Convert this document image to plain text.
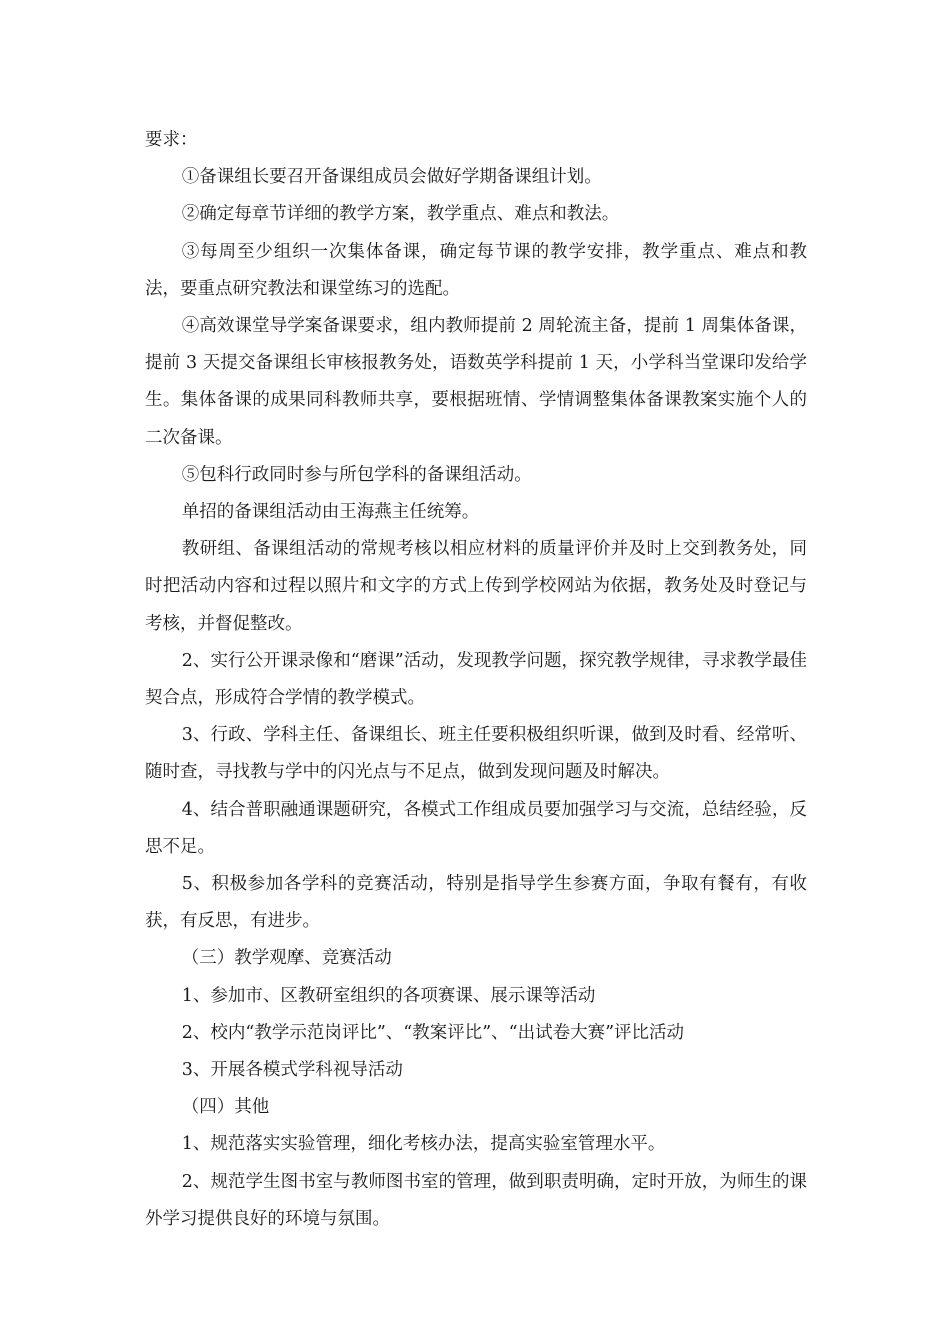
要求：

①备课组长要召开备课组成员会做好学期备课组计划。

②确定每章节详细的教学方案，教学重点、难点和教法。

③每周至少组织一次集体备课，确定每节课的教学安排，教学重点、难点和教法，要重点研究教法和课堂练习的选配。

④高效课堂导学案备课要求，组内教师提前 2 周轮流主备，提前 1 周集体备课，提前 3 天提交备课组长审核报教务处，语数英学科提前 1 天，小学科当堂课印发给学生。集体备课的成果同科教师共享，要根据班情、学情调整集体备课教案实施个人的二次备课。

⑤包科行政同时参与所包学科的备课组活动。

单招的备课组活动由王海燕主任统筹。

教研组、备课组活动的常规考核以相应材料的质量评价并及时上交到教务处，同时把活动内容和过程以照片和文字的方式上传到学校网站为依据，教务处及时登记与考核，并督促整改。

2、实行公开课录像和“磨课”活动，发现教学问题，探究教学规律，寻求教学最佳契合点，形成符合学情的教学模式。

3、行政、学科主任、备课组长、班主任要积极组织听课，做到及时看、经常听、随时查，寻找教与学中的闪光点与不足点，做到发现问题及时解决。

4、结合普职融通课题研究，各模式工作组成员要加强学习与交流，总结经验，反思不足。

5、积极参加各学科的竞赛活动，特别是指导学生参赛方面，争取有餐有，有收获，有反思，有进步。

（三）教学观摩、竞赛活动

1、参加市、区教研室组织的各项赛课、展示课等活动

2、校内“教学示范岗评比”、“教案评比”、“出试卷大赛”评比活动

3、开展各模式学科视导活动

（四）其他

1、规范落实实验管理，细化考核办法，提高实验室管理水平。

2、规范学生图书室与教师图书室的管理，做到职责明确，定时开放，为师生的课外学习提供良好的环境与氛围。
